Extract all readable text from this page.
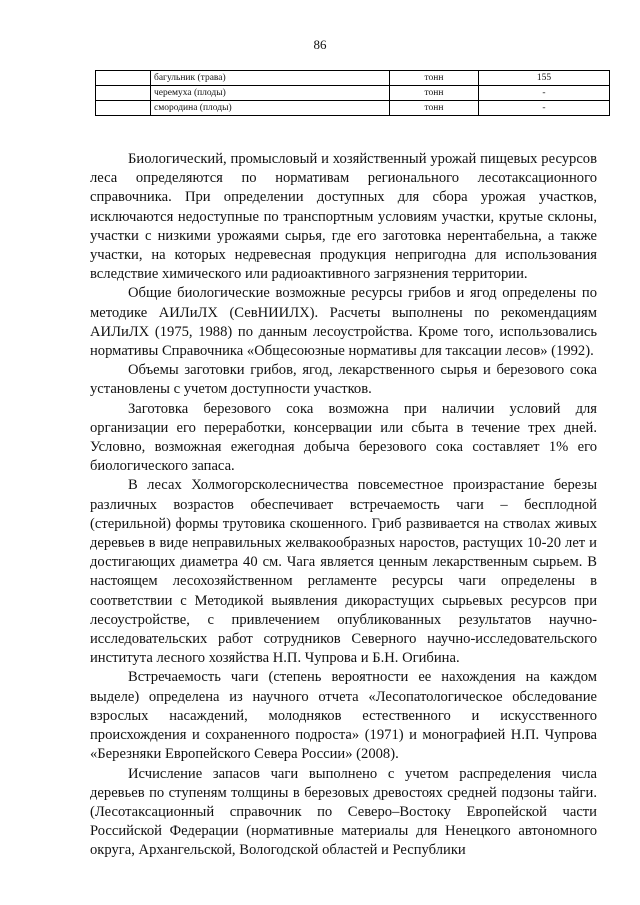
86
	багульник (трава)	тонн	155
	черемуха (плоды)	тонн	-
	смородина (плоды)	тонн	-

Биологический, промысловый и хозяйственный урожай пищевых ресурсов леса определяются по нормативам регионального лесотаксационного справочника. При определении доступных для сбора урожая участков, исключаются недоступные по транспортным условиям участки, крутые склоны, участки с низкими урожаями сырья, где его заготовка нерентабельна, а также участки, на которых недревесная продукция непригодна для использования вследствие химического или радиоактивного загрязнения территории.

Общие биологические возможные ресурсы грибов и ягод определены по методике АИЛиЛХ (СевНИИЛХ). Расчеты выполнены по рекомендациям АИЛиЛХ (1975, 1988) по данным лесоустройства. Кроме того, использовались нормативы Справочника «Общесоюзные нормативы для таксации лесов» (1992).

Объемы заготовки грибов, ягод, лекарственного сырья и березового сока установлены с учетом доступности участков.

Заготовка березового сока возможна при наличии условий для организации его переработки, консервации или сбыта в течение трех дней. Условно, возможная ежегодная добыча березового сока составляет 1% его биологического запаса.

В лесах Холмогорсколесничества повсеместное произрастание березы различных возрастов обеспечивает встречаемость чаги – бесплодной (стерильной) формы трутовика скошенного. Гриб развивается на стволах живых деревьев в виде неправильных желвакообразных наростов, растущих 10-20 лет и достигающих диаметра 40 см. Чага является ценным лекарственным сырьем. В настоящем лесохозяйственном регламенте ресурсы чаги определены в соответствии с Методикой выявления дикорастущих сырьевых ресурсов при лесоустройстве, с привлечением опубликованных результатов научно-исследовательских работ сотрудников Северного научно-исследовательского института лесного хозяйства Н.П. Чупрова и Б.Н. Огибина.

Встречаемость чаги (степень вероятности ее нахождения на каждом выделе) определена из научного отчета «Лесопатологическое обследование взрослых насаждений, молодняков естественного и искусственного происхождения и сохраненного подроста» (1971) и монографией Н.П. Чупрова «Березняки Европейского Севера России» (2008).

Исчисление запасов чаги выполнено с учетом распределения числа деревьев по ступеням толщины в березовых древостоях средней подзоны тайги. (Лесотаксационный справочник по Северо–Востоку Европейской части Российской Федерации (нормативные материалы для Ненецкого автономного округа, Архангельской, Вологодской областей и Республики
